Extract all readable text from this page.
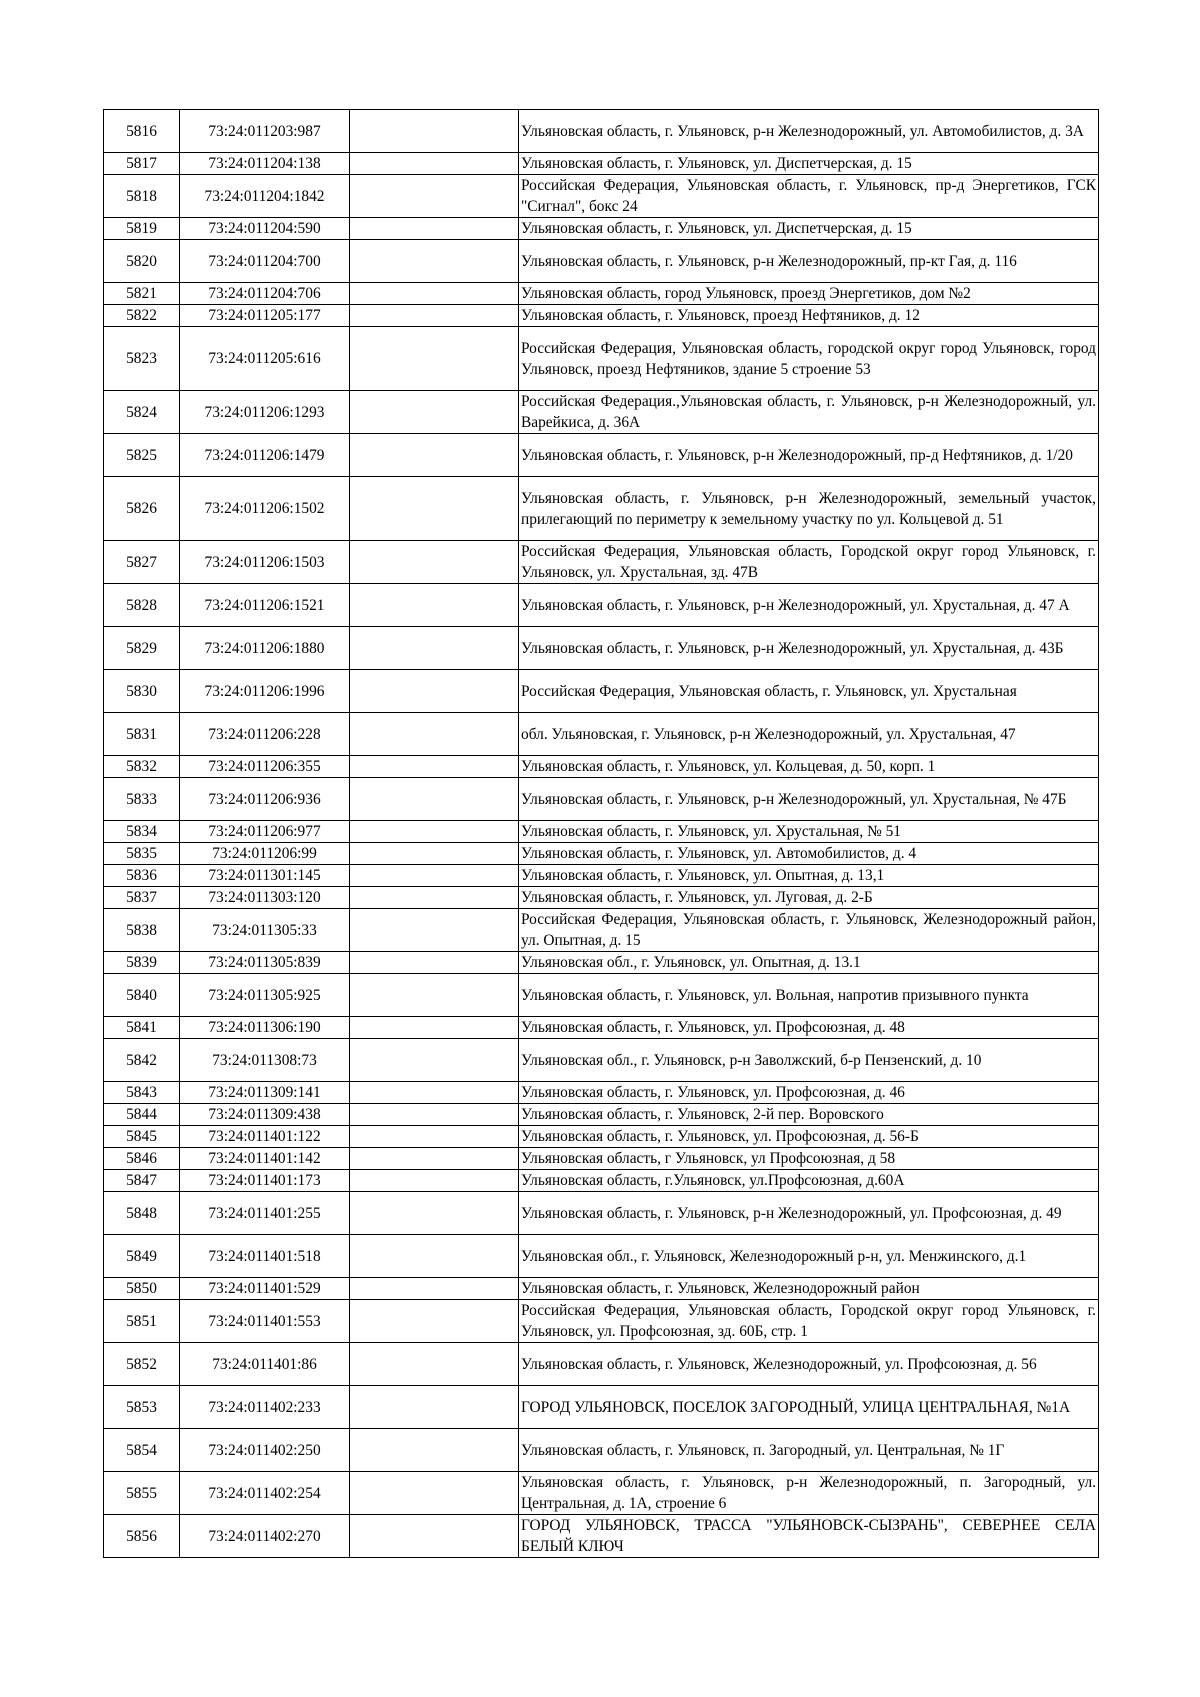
5816	73:24:011203:987		Ульяновская область, г. Ульяновск, р-н Железнодорожный, ул. Автомобилистов, д. 3А
5817	73:24:011204:138		Ульяновская область, г. Ульяновск, ул. Диспетчерская, д. 15
5818	73:24:011204:1842		Российская Федерация, Ульяновская область, г. Ульяновск, пр-д Энергетиков, ГСК "Сигнал", бокс 24
5819	73:24:011204:590		Ульяновская область, г. Ульяновск, ул. Диспетчерская, д. 15
5820	73:24:011204:700		Ульяновская область, г. Ульяновск, р-н Железнодорожный, пр-кт Гая, д. 116
5821	73:24:011204:706		Ульяновская область, город Ульяновск, проезд Энергетиков, дом №2
5822	73:24:011205:177		Ульяновская область, г. Ульяновск, проезд Нефтяников, д. 12
5823	73:24:011205:616		Российская Федерация, Ульяновская область, городской округ город Ульяновск, город Ульяновск, проезд Нефтяников, здание 5 строение 53
5824	73:24:011206:1293		Российская Федерация.,Ульяновская область, г. Ульяновск, р-н Железнодорожный, ул. Варейкиса, д. 36А
5825	73:24:011206:1479		Ульяновская область, г. Ульяновск, р-н Железнодорожный, пр-д Нефтяников, д. 1/20
5826	73:24:011206:1502		Ульяновская область, г. Ульяновск, р-н Железнодорожный, земельный участок, прилегающий по периметру к земельному участку по ул. Кольцевой д. 51
5827	73:24:011206:1503		Российская Федерация, Ульяновская область, Городской округ город Ульяновск, г. Ульяновск, ул. Хрустальная, зд. 47В
5828	73:24:011206:1521		Ульяновская область, г. Ульяновск, р-н Железнодорожный, ул. Хрустальная, д. 47 А
5829	73:24:011206:1880		Ульяновская область, г. Ульяновск, р-н Железнодорожный, ул. Хрустальная, д. 43Б
5830	73:24:011206:1996		Российская Федерация, Ульяновская область, г. Ульяновск, ул. Хрустальная
5831	73:24:011206:228		обл. Ульяновская, г. Ульяновск, р-н Железнодорожный, ул. Хрустальная, 47
5832	73:24:011206:355		Ульяновская область, г. Ульяновск, ул. Кольцевая, д. 50, корп. 1
5833	73:24:011206:936		Ульяновская область, г. Ульяновск, р-н Железнодорожный, ул. Хрустальная, № 47Б
5834	73:24:011206:977		Ульяновская область, г. Ульяновск, ул. Хрустальная, № 51
5835	73:24:011206:99		Ульяновская область, г. Ульяновск, ул. Автомобилистов, д. 4
5836	73:24:011301:145		Ульяновская область, г. Ульяновск, ул. Опытная, д. 13,1
5837	73:24:011303:120		Ульяновская область, г. Ульяновск, ул. Луговая, д. 2-Б
5838	73:24:011305:33		Российская Федерация, Ульяновская область, г. Ульяновск, Железнодорожный район, ул. Опытная, д. 15
5839	73:24:011305:839		Ульяновская обл., г. Ульяновск, ул. Опытная, д. 13.1
5840	73:24:011305:925		Ульяновская область, г. Ульяновск, ул. Вольная, напротив призывного пункта
5841	73:24:011306:190		Ульяновская область, г. Ульяновск, ул. Профсоюзная, д. 48
5842	73:24:011308:73		Ульяновская обл., г. Ульяновск, р-н Заволжский, б-р Пензенский, д. 10
5843	73:24:011309:141		Ульяновская область, г. Ульяновск, ул. Профсоюзная, д. 46
5844	73:24:011309:438		Ульяновская область, г. Ульяновск, 2-й пер. Воровского
5845	73:24:011401:122		Ульяновская область, г. Ульяновск, ул. Профсоюзная, д. 56-Б
5846	73:24:011401:142		Ульяновская область, г Ульяновск, ул Профсоюзная, д 58
5847	73:24:011401:173		Ульяновская область, г.Ульяновск, ул.Профсоюзная, д.60А
5848	73:24:011401:255		Ульяновская область, г. Ульяновск, р-н Железнодорожный, ул. Профсоюзная, д. 49
5849	73:24:011401:518		Ульяновская обл., г. Ульяновск, Железнодорожный р-н, ул. Менжинского, д.1
5850	73:24:011401:529		Ульяновская область, г. Ульяновск, Железнодорожный район
5851	73:24:011401:553		Российская Федерация, Ульяновская область, Городской округ город Ульяновск, г. Ульяновск, ул. Профсоюзная, зд. 60Б, стр. 1
5852	73:24:011401:86		Ульяновская область, г. Ульяновск, Железнодорожный, ул. Профсоюзная, д. 56
5853	73:24:011402:233		ГОРОД УЛЬЯНОВСК, ПОСЕЛОК ЗАГОРОДНЫЙ, УЛИЦА ЦЕНТРАЛЬНАЯ, №1А
5854	73:24:011402:250		Ульяновская область, г. Ульяновск, п. Загородный, ул. Центральная, № 1Г
5855	73:24:011402:254		Ульяновская область, г. Ульяновск, р-н Железнодорожный, п. Загородный, ул. Центральная, д. 1А, строение 6
5856	73:24:011402:270		ГОРОД УЛЬЯНОВСК, ТРАССА "УЛЬЯНОВСК-СЫЗРАНЬ", СЕВЕРНЕЕ СЕЛА БЕЛЫЙ КЛЮЧ
